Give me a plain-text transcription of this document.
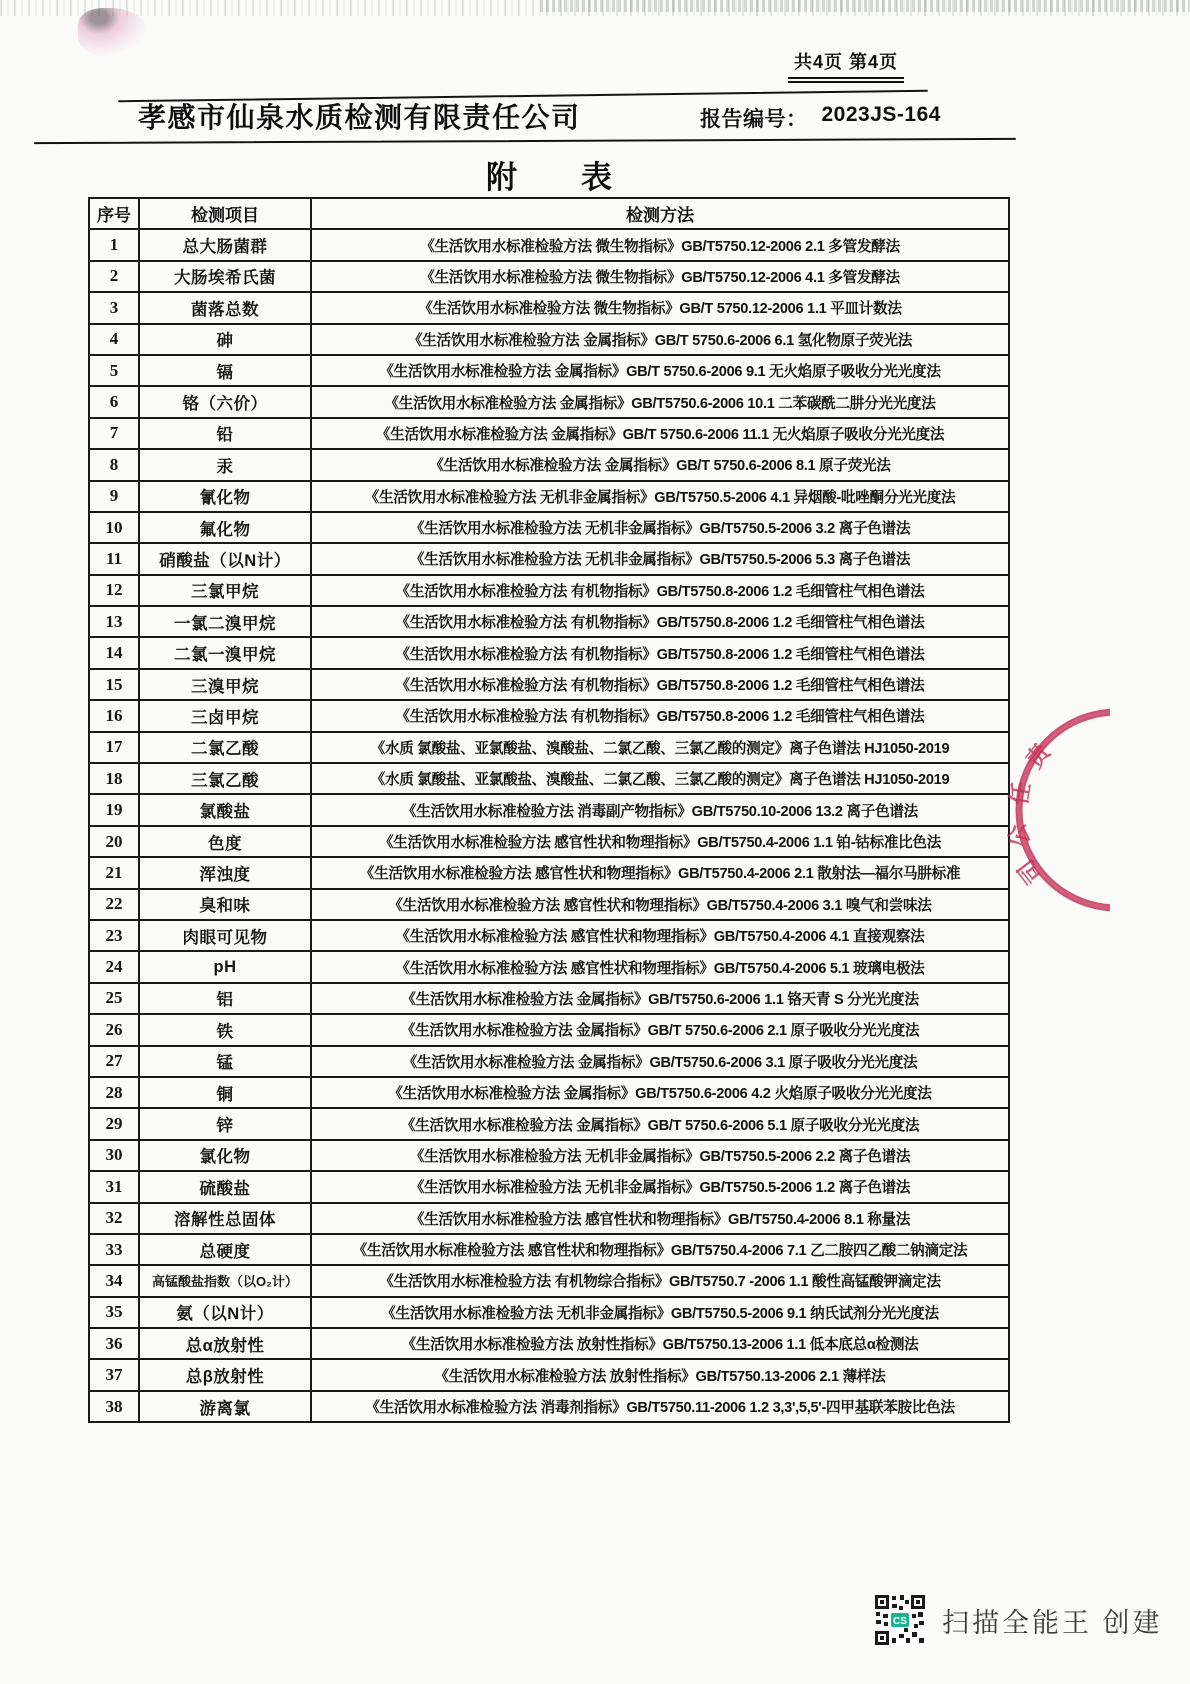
共4页 第4页
孝感市仙泉水质检测有限责任公司	报告编号： 2023JS-164
附 表
序号	检测项目	检测方法
1	总大肠菌群	《生活饮用水标准检验方法 微生物指标》GB/T5750.12-2006 2.1 多管发酵法
2	大肠埃希氏菌	《生活饮用水标准检验方法 微生物指标》GB/T5750.12-2006 4.1 多管发酵法
3	菌落总数	《生活饮用水标准检验方法 微生物指标》GB/T 5750.12-2006 1.1 平皿计数法
4	砷	《生活饮用水标准检验方法 金属指标》GB/T 5750.6-2006 6.1 氢化物原子荧光法
5	镉	《生活饮用水标准检验方法 金属指标》GB/T 5750.6-2006 9.1 无火焰原子吸收分光光度法
6	铬（六价）	《生活饮用水标准检验方法 金属指标》GB/T5750.6-2006 10.1 二苯碳酰二肼分光光度法
7	铅	《生活饮用水标准检验方法 金属指标》GB/T 5750.6-2006 11.1 无火焰原子吸收分光光度法
8	汞	《生活饮用水标准检验方法 金属指标》GB/T 5750.6-2006 8.1 原子荧光法
9	氰化物	《生活饮用水标准检验方法 无机非金属指标》GB/T5750.5-2006 4.1 异烟酸-吡唑酮分光光度法
10	氟化物	《生活饮用水标准检验方法 无机非金属指标》GB/T5750.5-2006 3.2 离子色谱法
11	硝酸盐（以N计）	《生活饮用水标准检验方法 无机非金属指标》GB/T5750.5-2006 5.3 离子色谱法
12	三氯甲烷	《生活饮用水标准检验方法 有机物指标》GB/T5750.8-2006 1.2 毛细管柱气相色谱法
13	一氯二溴甲烷	《生活饮用水标准检验方法 有机物指标》GB/T5750.8-2006 1.2 毛细管柱气相色谱法
14	二氯一溴甲烷	《生活饮用水标准检验方法 有机物指标》GB/T5750.8-2006 1.2 毛细管柱气相色谱法
15	三溴甲烷	《生活饮用水标准检验方法 有机物指标》GB/T5750.8-2006 1.2 毛细管柱气相色谱法
16	三卤甲烷	《生活饮用水标准检验方法 有机物指标》GB/T5750.8-2006 1.2 毛细管柱气相色谱法
17	二氯乙酸	《水质 氯酸盐、亚氯酸盐、溴酸盐、二氯乙酸、三氯乙酸的测定》离子色谱法 HJ1050-2019
18	三氯乙酸	《水质 氯酸盐、亚氯酸盐、溴酸盐、二氯乙酸、三氯乙酸的测定》离子色谱法 HJ1050-2019
19	氯酸盐	《生活饮用水标准检验方法 消毒副产物指标》GB/T5750.10-2006 13.2 离子色谱法
20	色度	《生活饮用水标准检验方法 感官性状和物理指标》GB/T5750.4-2006 1.1 铂-钴标准比色法
21	浑浊度	《生活饮用水标准检验方法 感官性状和物理指标》GB/T5750.4-2006 2.1 散射法—福尔马肼标准
22	臭和味	《生活饮用水标准检验方法 感官性状和物理指标》GB/T5750.4-2006 3.1 嗅气和尝味法
23	肉眼可见物	《生活饮用水标准检验方法 感官性状和物理指标》GB/T5750.4-2006 4.1 直接观察法
24	pH	《生活饮用水标准检验方法 感官性状和物理指标》GB/T5750.4-2006 5.1 玻璃电极法
25	铝	《生活饮用水标准检验方法 金属指标》GB/T5750.6-2006 1.1 铬天青 S 分光光度法
26	铁	《生活饮用水标准检验方法 金属指标》GB/T 5750.6-2006 2.1 原子吸收分光光度法
27	锰	《生活饮用水标准检验方法 金属指标》GB/T5750.6-2006 3.1 原子吸收分光光度法
28	铜	《生活饮用水标准检验方法 金属指标》GB/T5750.6-2006 4.2 火焰原子吸收分光光度法
29	锌	《生活饮用水标准检验方法 金属指标》GB/T 5750.6-2006 5.1 原子吸收分光光度法
30	氯化物	《生活饮用水标准检验方法 无机非金属指标》GB/T5750.5-2006 2.2 离子色谱法
31	硫酸盐	《生活饮用水标准检验方法 无机非金属指标》GB/T5750.5-2006 1.2 离子色谱法
32	溶解性总固体	《生活饮用水标准检验方法 感官性状和物理指标》GB/T5750.4-2006 8.1 称量法
33	总硬度	《生活饮用水标准检验方法 感官性状和物理指标》GB/T5750.4-2006 7.1 乙二胺四乙酸二钠滴定法
34	高锰酸盐指数（以O₂计）	《生活饮用水标准检验方法 有机物综合指标》GB/T5750.7 -2006 1.1 酸性高锰酸钾滴定法
35	氨（以N计）	《生活饮用水标准检验方法 无机非金属指标》GB/T5750.5-2006 9.1 纳氏试剂分光光度法
36	总α放射性	《生活饮用水标准检验方法 放射性指标》GB/T5750.13-2006 1.1 低本底总α检测法
37	总β放射性	《生活饮用水标准检验方法 放射性指标》GB/T5750.13-2006 2.1 薄样法
38	游离氯	《生活饮用水标准检验方法 消毒剂指标》GB/T5750.11-2006 1.2 3,3',5,5'-四甲基联苯胺比色法
责
任
公
司
CS 扫描全能王 创建
